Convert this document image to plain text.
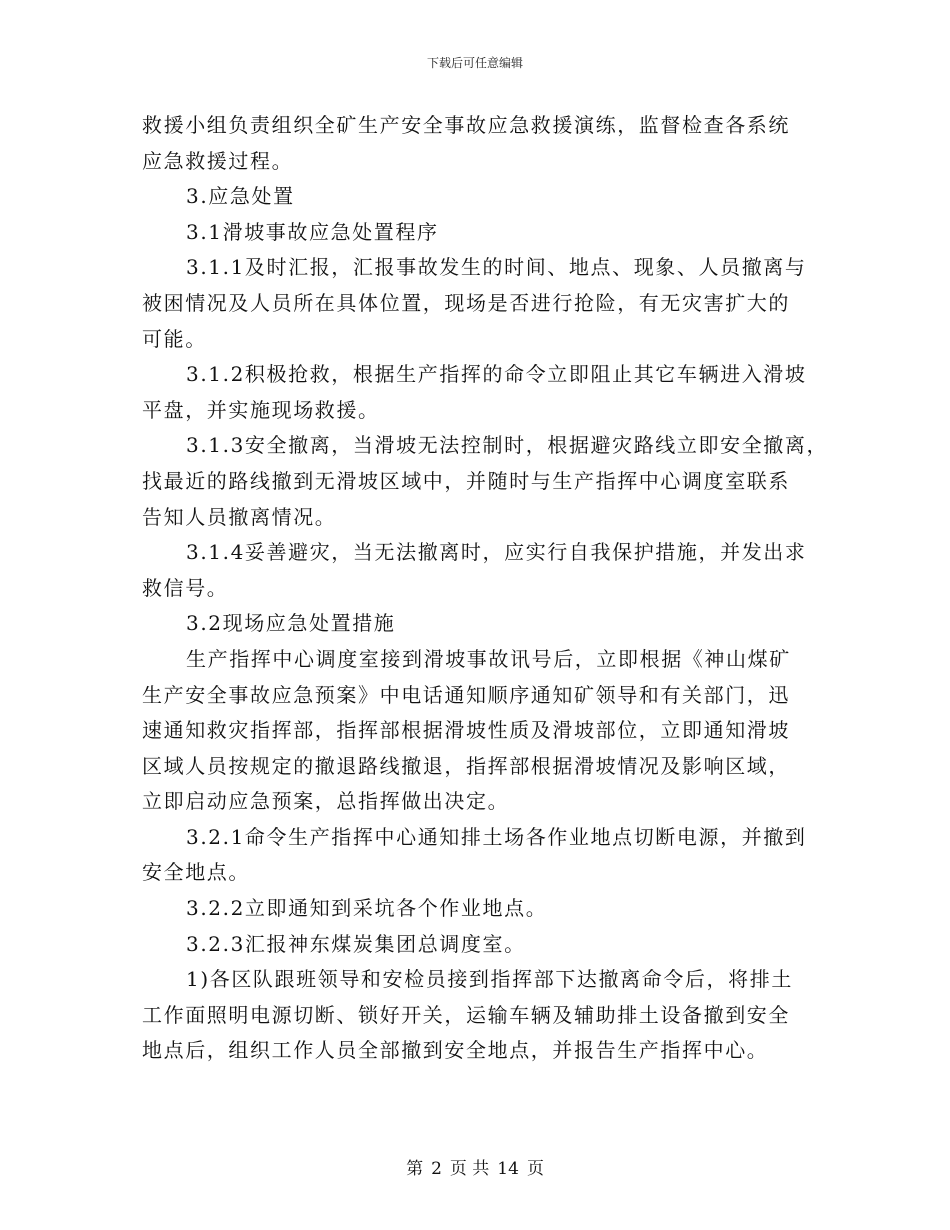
下载后可任意编辑
救援小组负责组织全矿生产安全事故应急救援演练，监督检查各系统
应急救援过程。
3.应急处置
3.1滑坡事故应急处置程序
3.1.1及时汇报，汇报事故发生的时间、地点、现象、人员撤离与
被困情况及人员所在具体位置，现场是否进行抢险，有无灾害扩大的
可能。
3.1.2积极抢救，根据生产指挥的命令立即阻止其它车辆进入滑坡
平盘，并实施现场救援。
3.1.3安全撤离，当滑坡无法控制时，根据避灾路线立即安全撤离，
找最近的路线撤到无滑坡区域中，并随时与生产指挥中心调度室联系
告知人员撤离情况。
3.1.4妥善避灾，当无法撤离时，应实行自我保护措施，并发出求
救信号。
3.2现场应急处置措施
生产指挥中心调度室接到滑坡事故讯号后，立即根据《神山煤矿
生产安全事故应急预案》中电话通知顺序通知矿领导和有关部门，迅
速通知救灾指挥部，指挥部根据滑坡性质及滑坡部位，立即通知滑坡
区域人员按规定的撤退路线撤退，指挥部根据滑坡情况及影响区域，
立即启动应急预案，总指挥做出决定。
3.2.1命令生产指挥中心通知排土场各作业地点切断电源，并撤到
安全地点。
3.2.2立即通知到采坑各个作业地点。
3.2.3汇报神东煤炭集团总调度室。
1)各区队跟班领导和安检员接到指挥部下达撤离命令后，将排土
工作面照明电源切断、锁好开关，运输车辆及辅助排土设备撤到安全
地点后，组织工作人员全部撤到安全地点，并报告生产指挥中心。
第 2 页 共 14 页
